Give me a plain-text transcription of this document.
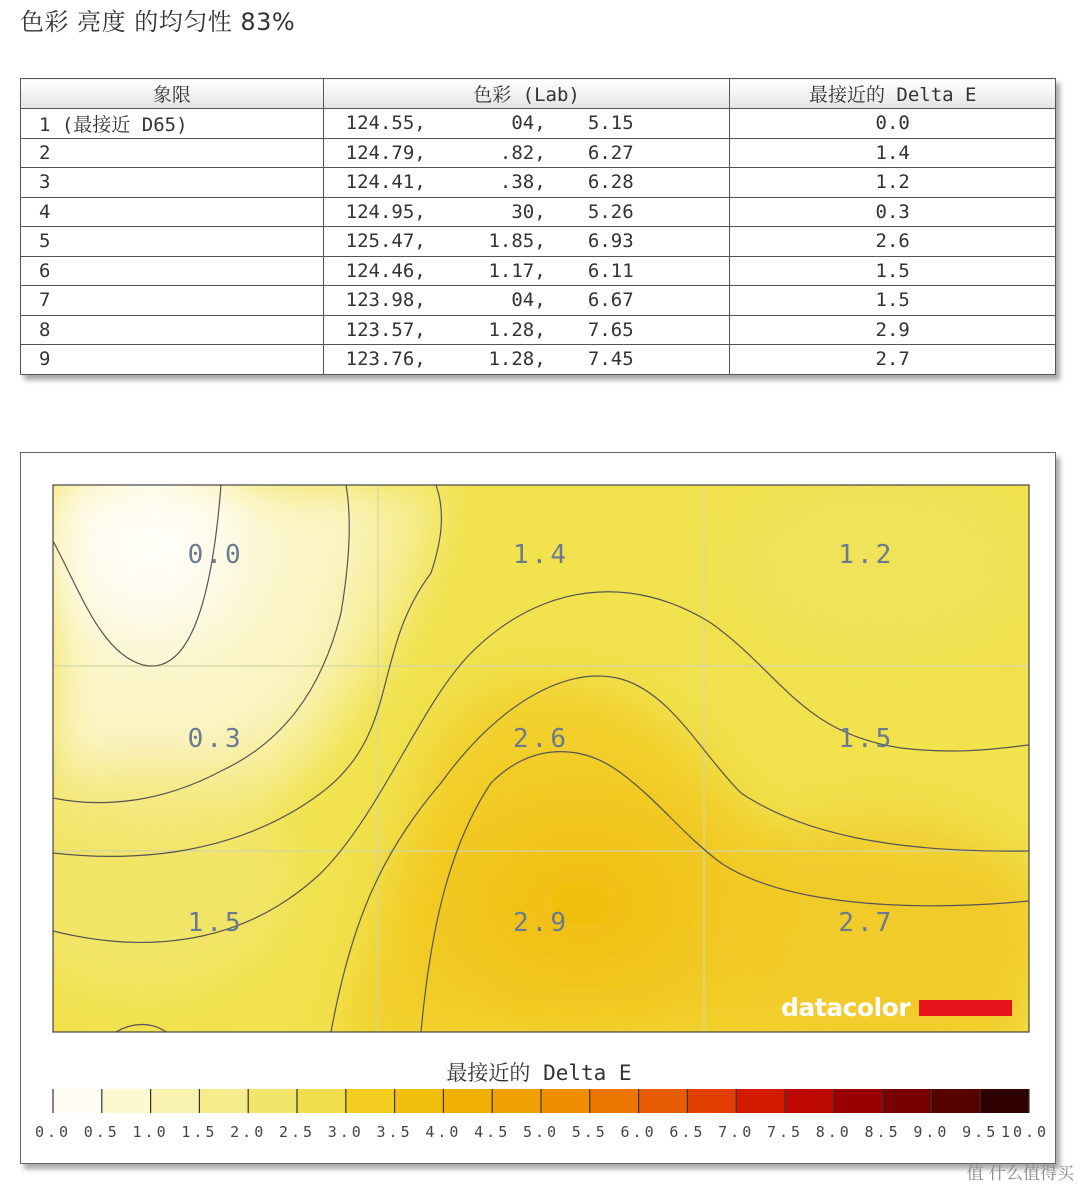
色彩 亮度 的均匀性 83%
象限	色彩 (Lab)	最接近的 Delta E
1 (最接近 D65)	124.55, 04, 5.15	0.0
2	124.79, .82, 6.27	1.4
3	124.41, .38, 6.28	1.2
4	124.95, 30, 5.26	0.3
5	125.47, 1.85, 6.93	2.6
6	124.46, 1.17, 6.11	1.5
7	123.98, 04, 6.67	1.5
8	123.57, 1.28, 7.65	2.9
9	123.76, 1.28, 7.45	2.7
0.0	1.4	1.2
0.3	2.6	1.5
1.5	2.9	2.7
datacolor
最接近的 Delta E
0.0 0.5 1.0 1.5 2.0 2.5 3.0 3.5 4.0 4.5 5.0 5.5 6.0 6.5 7.0 7.5 8.0 8.5 9.0 9.5 10.0
值 什么值得买
